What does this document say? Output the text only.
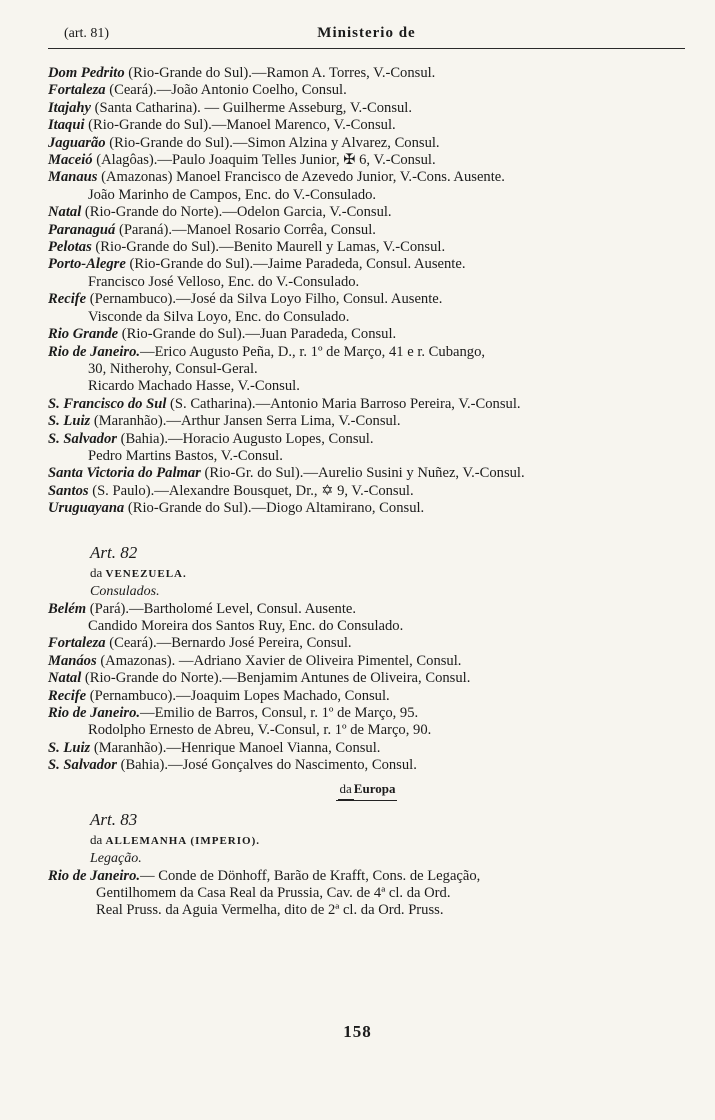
(art. 81)	Ministerio de
Dom Pedrito (Rio-Grande do Sul).—Ramon A. Torres, V.-Consul.
Fortaleza (Ceará).—João Antonio Coelho, Consul.
Itajahy (Santa Catharina). — Guilherme Asseburg, V.-Consul.
Itaqui (Rio-Grande do Sul).—Manoel Marenco, V.-Consul.
Jaguarão (Rio-Grande do Sul).—Simon Alzina y Alvarez, Consul.
Maceió (Alagôas).—Paulo Joaquim Telles Junior, ✠ 6, V.-Consul.
Manaus (Amazonas) Manoel Francisco de Azevedo Junior, V.-Cons. Ausente.
João Marinho de Campos, Enc. do V.-Consulado.
Natal (Rio-Grande do Norte).—Odelon Garcia, V.-Consul.
Paranaguá (Paraná).—Manoel Rosario Corrêa, Consul.
Pelotas (Rio-Grande do Sul).—Benito Maurell y Lamas, V.-Consul.
Porto-Alegre (Rio-Grande do Sul).—Jaime Paradeda, Consul. Ausente.
Francisco José Velloso, Enc. do V.-Consulado.
Recife (Pernambuco).—José da Silva Loyo Filho, Consul. Ausente.
Visconde da Silva Loyo, Enc. do Consulado.
Rio Grande (Rio-Grande do Sul).—Juan Paradeda, Consul.
Rio de Janeiro.—Erico Augusto Peña, D., r. 1º de Março, 41 e r. Cubango,
30, Nitherohy, Consul-Geral.
Ricardo Machado Hasse, V.-Consul.
S. Francisco do Sul (S. Catharina).—Antonio Maria Barroso Pereira, V.-Consul.
S. Luiz (Maranhão).—Arthur Jansen Serra Lima, V.-Consul.
S. Salvador (Bahia).—Horacio Augusto Lopes, Consul.
Pedro Martins Bastos, V.-Consul.
Santa Victoria do Palmar (Rio-Gr. do Sul).—Aurelio Susini y Nuñez, V.-Consul.
Santos (S. Paulo).—Alexandre Bousquet, Dr., ✡ 9, V.-Consul.
Uruguayana (Rio-Grande do Sul).—Diogo Altamirano, Consul.
Art. 82
da VENEZUELA.
Consulados.
Belém (Pará).—Bartholomé Level, Consul. Ausente.
Candido Moreira dos Santos Ruy, Enc. do Consulado.
Fortaleza (Ceará).—Bernardo José Pereira, Consul.
Manáos (Amazonas). —Adriano Xavier de Oliveira Pimentel, Consul.
Natal (Rio-Grande do Norte).—Benjamim Antunes de Oliveira, Consul.
Recife (Pernambuco).—Joaquim Lopes Machado, Consul.
Rio de Janeiro.—Emilio de Barros, Consul, r. 1º de Março, 95.
Rodolpho Ernesto de Abreu, V.-Consul, r. 1º de Março, 90.
S. Luiz (Maranhão).—Henrique Manoel Vianna, Consul.
S. Salvador (Bahia).—José Gonçalves do Nascimento, Consul.
daEuropa
Art. 83
da ALLEMANHA (IMPERIO).
Legação.
Rio de Janeiro.— Conde de Dönhoff, Barão de Krafft, Cons. de Legação,
Gentilhomem da Casa Real da Prussia, Cav. de 4ª cl. da Ord.
Real Pruss. da Aguia Vermelha, dito de 2ª cl. da Ord. Pruss.
158
